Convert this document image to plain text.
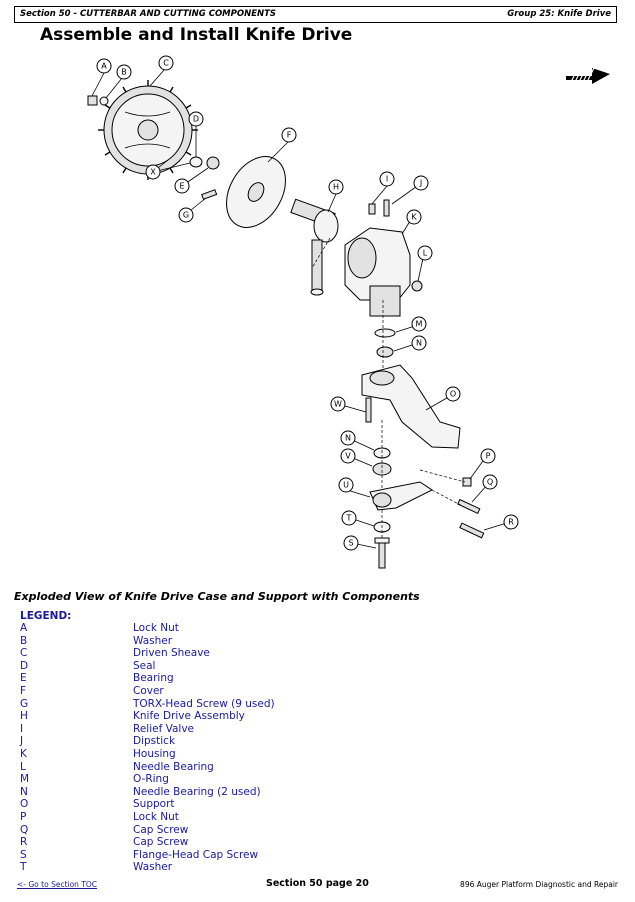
Section 50 - CUTTERBAR AND CUTTING COMPONENTS	Group 25: Knife Drive
Assemble and Install Knife Drive
A
B
C
D
E
F
G
H
I	J
K
L
M
N
O
P
Q
R
S
T
U
V
W
X
N
Exploded View of Knife Drive Case and Support with Components
LEGEND:
A	Lock Nut
B	Washer
C	Driven Sheave
D	Seal
E	Bearing
F	Cover
G	TORX-Head Screw (9 used)
H	Knife Drive Assembly
I	Relief Valve
J	Dipstick
K	Housing
L	Needle Bearing
M	O-Ring
N	Needle Bearing (2 used)
O	Support
P	Lock Nut
Q	Cap Screw
R	Cap Screw
S	Flange-Head Cap Screw
T	Washer
<- Go to Section TOC	Section 50 page 20	896 Auger Platform Diagnostic and Repair
